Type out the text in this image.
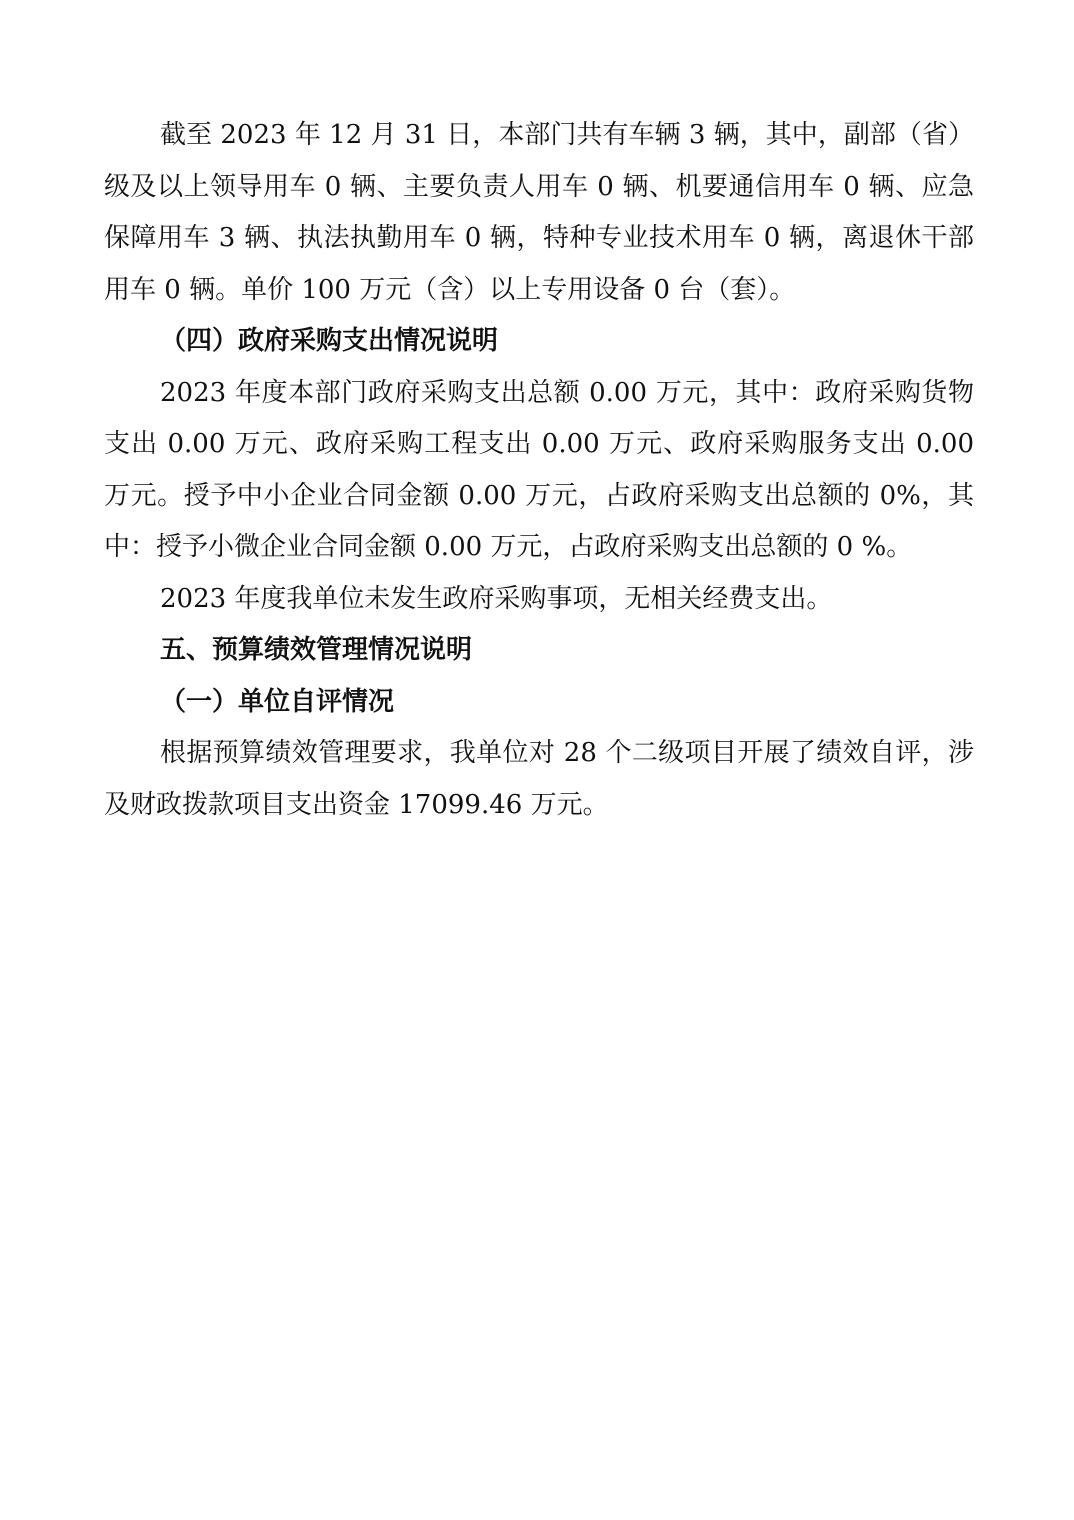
截至 2023 年 12 月 31 日，本部门共有车辆 3 辆，其中，副部（省）级及以上领导用车 0 辆、主要负责人用车 0 辆、机要通信用车 0 辆、应急保障用车 3 辆、执法执勤用车 0 辆，特种专业技术用车 0 辆，离退休干部用车 0 辆。单价 100 万元（含）以上专用设备 0 台（套）。

（四）政府采购支出情况说明

2023 年度本部门政府采购支出总额 0.00 万元，其中：政府采购货物支出 0.00 万元、政府采购工程支出 0.00 万元、政府采购服务支出 0.00 万元。授予中小企业合同金额 0.00 万元，占政府采购支出总额的 0%，其中：授予小微企业合同金额 0.00 万元，占政府采购支出总额的 0 %。

2023 年度我单位未发生政府采购事项，无相关经费支出。

五、预算绩效管理情况说明

（一）单位自评情况

根据预算绩效管理要求，我单位对 28 个二级项目开展了绩效自评，涉及财政拨款项目支出资金 17099.46 万元。
